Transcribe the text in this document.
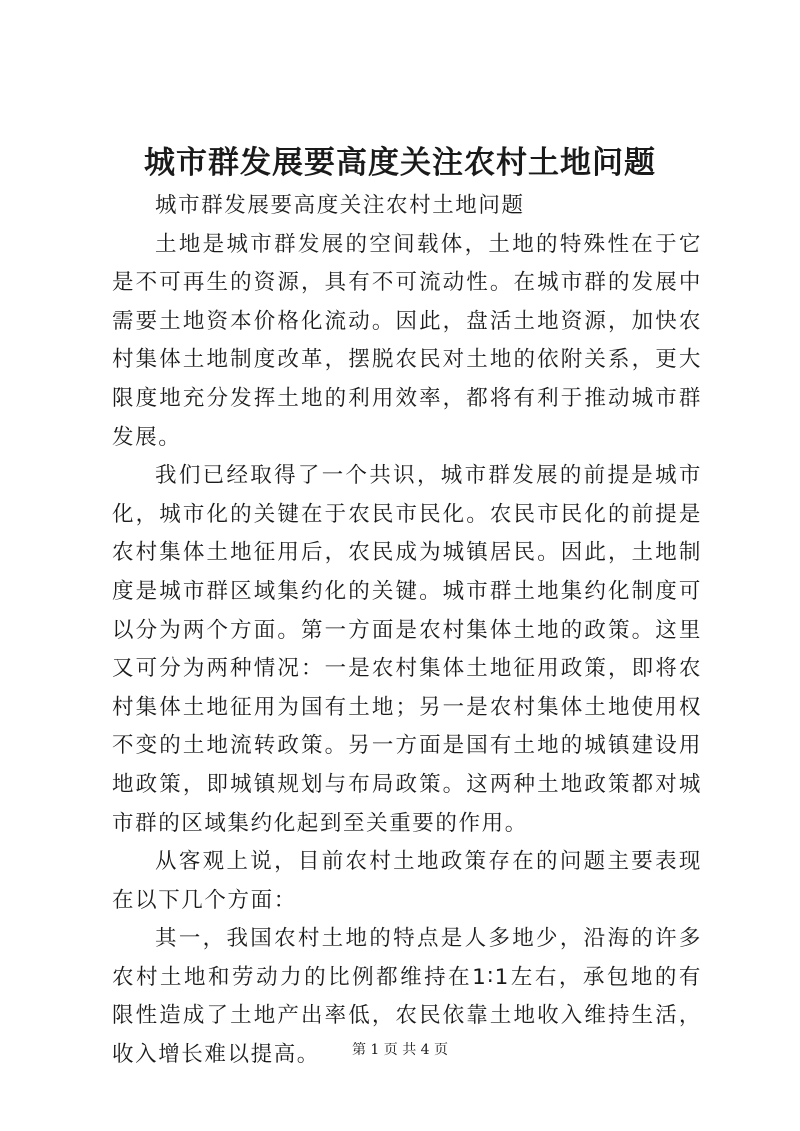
城市群发展要高度关注农村土地问题

城市群发展要高度关注农村土地问题

土地是城市群发展的空间载体，土地的特殊性在于它是不可再生的资源，具有不可流动性。在城市群的发展中需要土地资本价格化流动。因此，盘活土地资源，加快农村集体土地制度改革，摆脱农民对土地的依附关系，更大限度地充分发挥土地的利用效率，都将有利于推动城市群发展。

我们已经取得了一个共识，城市群发展的前提是城市化，城市化的关键在于农民市民化。农民市民化的前提是农村集体土地征用后，农民成为城镇居民。因此，土地制度是城市群区域集约化的关键。城市群土地集约化制度可以分为两个方面。第一方面是农村集体土地的政策。这里又可分为两种情况：一是农村集体土地征用政策，即将农村集体土地征用为国有土地；另一是农村集体土地使用权不变的土地流转政策。另一方面是国有土地的城镇建设用地政策，即城镇规划与布局政策。这两种土地政策都对城市群的区域集约化起到至关重要的作用。

从客观上说，目前农村土地政策存在的问题主要表现在以下几个方面：

其一，我国农村土地的特点是人多地少，沿海的许多农村土地和劳动力的比例都维持在1∶1左右，承包地的有限性造成了土地产出率低，农民依靠土地收入维持生活，收入增长难以提高。	第 1 页 共 4 页
